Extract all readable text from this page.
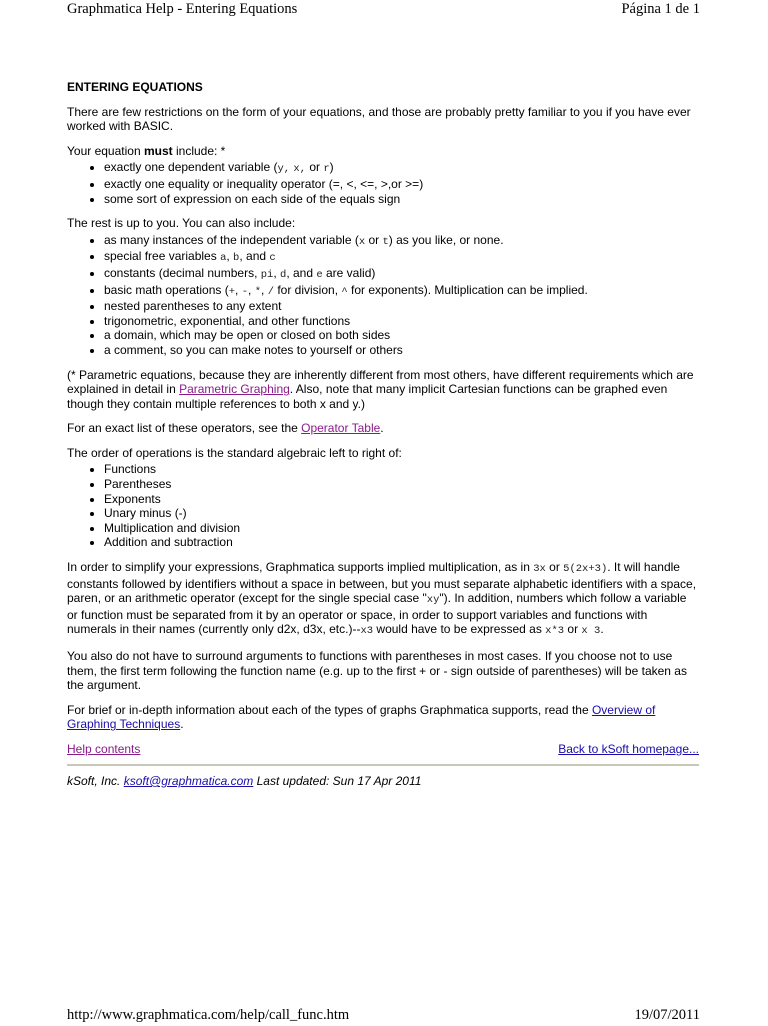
Graphmatica Help - Entering Equations	Página 1 de 1
ENTERING EQUATIONS

There are few restrictions on the form of your equations, and those are probably pretty familiar to you if you have ever worked with BASIC.

Your equation must include: *

• exactly one dependent variable (y, x, or r)
• exactly one equality or inequality operator (=, <, <=, >,or >=)
• some sort of expression on each side of the equals sign

The rest is up to you. You can also include:

• as many instances of the independent variable (x or t) as you like, or none.
• special free variables a, b, and c
• constants (decimal numbers, pi, d, and e are valid)
• basic math operations (+, -, *, / for division, ^ for exponents). Multiplication can be implied.
• nested parentheses to any extent
• trigonometric, exponential, and other functions
• a domain, which may be open or closed on both sides
• a comment, so you can make notes to yourself or others

(* Parametric equations, because they are inherently different from most others, have different requirements which are explained in detail in Parametric Graphing. Also, note that many implicit Cartesian functions can be graphed even though they contain multiple references to both x and y.)

For an exact list of these operators, see the Operator Table.

The order of operations is the standard algebraic left to right of:

• Functions
• Parentheses
• Exponents
• Unary minus (-)
• Multiplication and division
• Addition and subtraction

In order to simplify your expressions, Graphmatica supports implied multiplication, as in 3x or 5(2x+3). It will handle constants followed by identifiers without a space in between, but you must separate alphabetic identifiers with a space, paren, or an arithmetic operator (except for the single special case "xy"). In addition, numbers which follow a variable or function must be separated from it by an operator or space, in order to support variables and functions with numerals in their names (currently only d2x, d3x, etc.)--x3 would have to be expressed as x*3 or x 3.

You also do not have to surround arguments to functions with parentheses in most cases. If you choose not to use them, the first term following the function name (e.g. up to the first + or - sign outside of parentheses) will be taken as the argument.

For brief or in-depth information about each of the types of graphs Graphmatica supports, read the Overview of Graphing Techniques.

Help contents	Back to kSoft homepage...
kSoft, Inc. ksoft@graphmatica.com Last updated: Sun 17 Apr 2011
http://www.graphmatica.com/help/call_func.htm	19/07/2011
